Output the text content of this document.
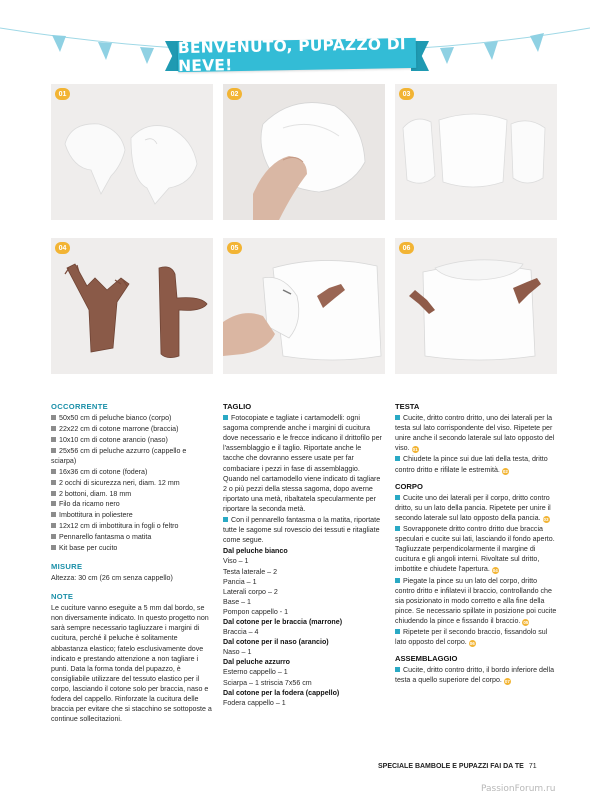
BENVENUTO, PUPAZZO DI NEVE!
01	02	03
04	05	06
OCCORRENTE
50x50 cm di peluche bianco (corpo)
22x22 cm di cotone marrone (braccia)
10x10 cm di cotone arancio (naso)
25x56 cm di peluche azzurro (cappello e sciarpa)
16x36 cm di cotone (fodera)
2 occhi di sicurezza neri, diam. 12 mm
2 bottoni, diam. 18 mm
Filo da ricamo nero
Imbottitura in poliestere
12x12 cm di imbottitura in fogli o feltro
Pennarello fantasma o matita
Kit base per cucito
MISURE

Altezza: 30 cm (26 cm senza cappello)

NOTE

Le cuciture vanno eseguite a 5 mm dal bordo, se non diversamente indicato. In questo progetto non sarà sempre necessario tagliuzzare i margini di cucitura, perché il peluche è solitamente abbastanza elastico; fatelo esclusivamente dove indicato e prestando attenzione a non tagliare i punti. Data la forma tonda del pupazzo, è consigliabile utilizzare del tessuto elastico per il corpo, lasciando il cotone solo per braccia, naso e fodera del cappello. Rinforzate la cucitura delle braccia per evitare che si stacchino se sottoposte a continue sollecitazioni.

TAGLIO

Fotocopiate e tagliate i cartamodelli: ogni sagoma comprende anche i margini di cucitura dove necessario e le frecce indicano il drittofilo per l'assemblaggio e il taglio. Riportate anche le tacche che dovranno essere usate per far combaciare i pezzi in fase di assemblaggio. Quando nel cartamodello viene indicato di tagliare 2 o più pezzi della stessa sagoma, dopo averne riportato una metà, ribaltatela specularmente per riportare la seconda metà.

Con il pennarello fantasma o la matita, riportate tutte le sagome sul rovescio dei tessuti e ritagliate come segue.

Dal peluche bianco
Viso – 1
Testa laterale – 2
Pancia – 1
Laterali corpo – 2
Base – 1
Pompon cappello - 1
Dal cotone per le braccia (marrone)
Braccia – 4
Dal cotone per il naso (arancio)
Naso – 1
Dal peluche azzurro
Esterno cappello – 1
Sciarpa – 1 striscia 7x56 cm
Dal cotone per la fodera (cappello)
Fodera cappello – 1
TESTA

Cucite, dritto contro dritto, uno dei laterali per la testa sul lato corrispondente del viso. Ripetete per unire anche il secondo laterale sul lato opposto del viso. 01

Chiudete la pince sui due lati della testa, dritto contro dritto e rifilate le estremità. 02

CORPO

Cucite uno dei laterali per il corpo, dritto contro dritto, su un lato della pancia. Ripetete per unire il secondo laterale sul lato opposto della pancia. 03

Sovrapponete dritto contro dritto due braccia speculari e cucite sui lati, lasciando il fondo aperto. Tagliuzzate perpendicolarmente il margine di cucitura e gli angoli interni. Rivoltate sul dritto, imbottite e chiudete l'apertura. 04

Piegate la pince su un lato del corpo, dritto contro dritto e infilatevi il braccio, controllando che sia posizionato in modo corretto e alla fine della pince. Se necessario spillate in posizione poi cucite chiudendo la pince e fissando il braccio. 05

Ripetete per il secondo braccio, fissandolo sul lato opposto del corpo. 06

ASSEMBLAGGIO

Cucite, dritto contro dritto, il bordo inferiore della testa a quello superiore del corpo. 07

SPECIALE BAMBOLE E PUPAZZI FAI DA TE 71
PassionForum.ru
